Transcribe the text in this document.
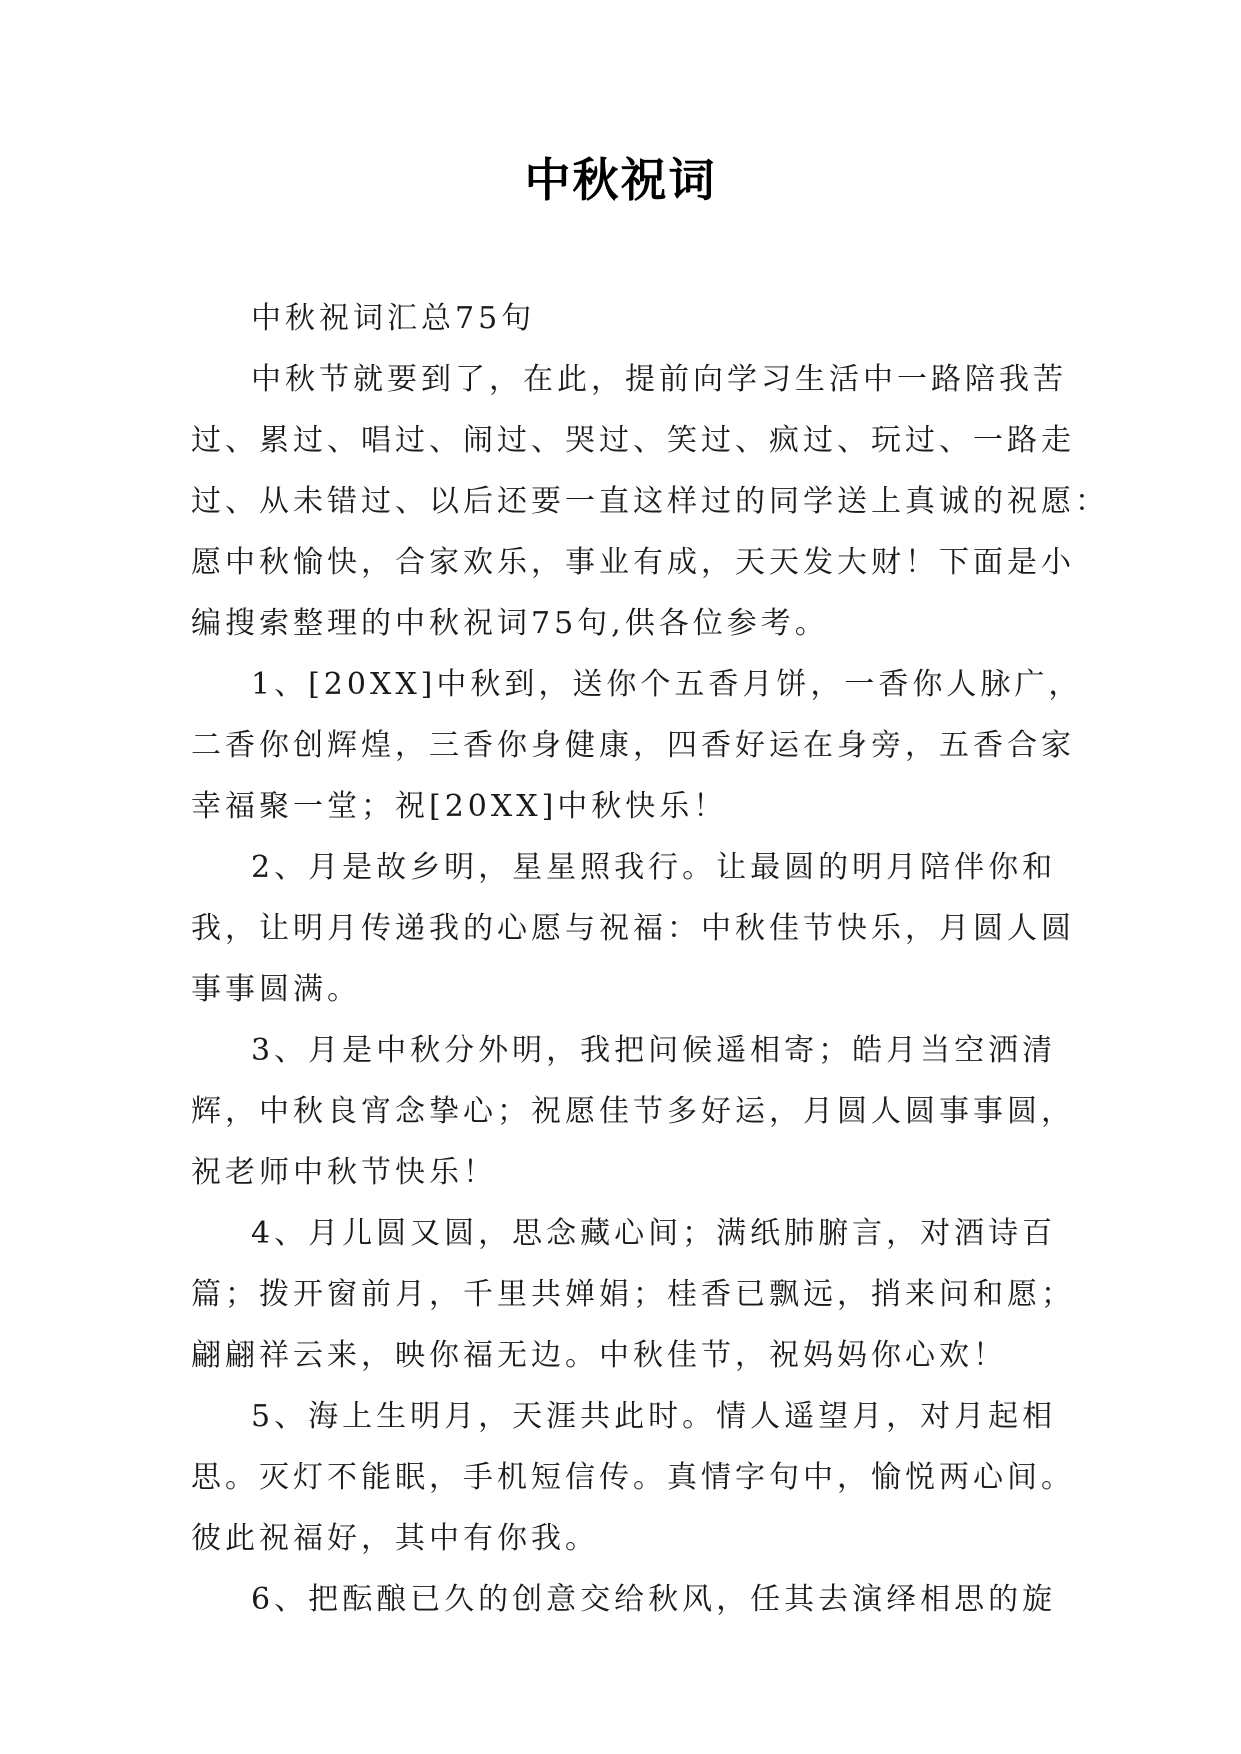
中秋祝词

中秋祝词汇总75句

中秋节就要到了，在此，提前向学习生活中一路陪我苦
过、累过、唱过、闹过、哭过、笑过、疯过、玩过、一路走
过、从未错过、以后还要一直这样过的同学送上真诚的祝愿：
愿中秋愉快，合家欢乐，事业有成，天天发大财！下面是小
编搜索整理的中秋祝词75句,供各位参考。

1、[20XX]中秋到，送你个五香月饼，一香你人脉广，
二香你创辉煌，三香你身健康，四香好运在身旁，五香合家
幸福聚一堂；祝[20XX]中秋快乐！

2、月是故乡明，星星照我行。让最圆的明月陪伴你和
我，让明月传递我的心愿与祝福：中秋佳节快乐，月圆人圆
事事圆满。

3、月是中秋分外明，我把问候遥相寄；皓月当空洒清
辉，中秋良宵念挚心；祝愿佳节多好运，月圆人圆事事圆，
祝老师中秋节快乐！

4、月儿圆又圆，思念藏心间；满纸肺腑言，对酒诗百
篇；拨开窗前月，千里共婵娟；桂香已飘远，捎来问和愿；
翩翩祥云来，映你福无边。中秋佳节，祝妈妈你心欢！

5、海上生明月，天涯共此时。情人遥望月，对月起相
思。灭灯不能眠，手机短信传。真情字句中，愉悦两心间。
彼此祝福好，其中有你我。

6、把酝酿已久的创意交给秋风，任其去演绎相思的旋
